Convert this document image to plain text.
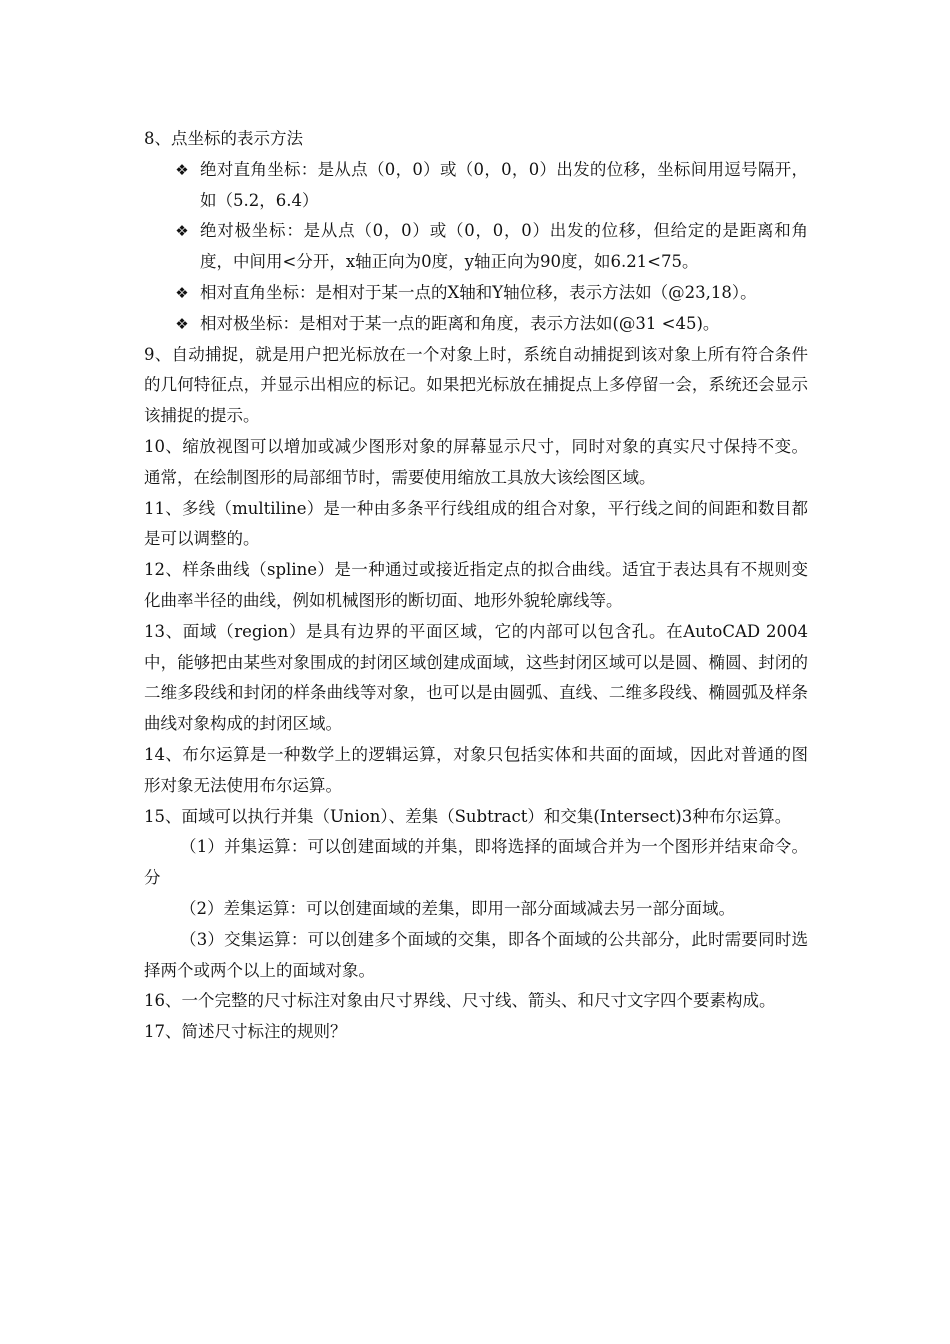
8、点坐标的表示方法
❖ 绝对直角坐标：是从点（0，0）或（0，0，0）出发的位移，坐标间用逗号隔开，如（5.2，6.4）
❖ 绝对极坐标：是从点（0，0）或（0，0，0）出发的位移，但给定的是距离和角度，中间用<分开，x轴正向为0度，y轴正向为90度，如6.21<75。
❖ 相对直角坐标：是相对于某一点的X轴和Y轴位移，表示方法如（@23,18）。
❖ 相对极坐标：是相对于某一点的距离和角度，表示方法如(@31 <45)。
9、自动捕捉，就是用户把光标放在一个对象上时，系统自动捕捉到该对象上所有符合条件的几何特征点，并显示出相应的标记。如果把光标放在捕捉点上多停留一会，系统还会显示该捕捉的提示。
10、缩放视图可以增加或减少图形对象的屏幕显示尺寸，同时对象的真实尺寸保持不变。通常，在绘制图形的局部细节时，需要使用缩放工具放大该绘图区域。
11、多线（multiline）是一种由多条平行线组成的组合对象，平行线之间的间距和数目都是可以调整的。
12、样条曲线（spline）是一种通过或接近指定点的拟合曲线。适宜于表达具有不规则变化曲率半径的曲线，例如机械图形的断切面、地形外貌轮廓线等。
13、面域（region）是具有边界的平面区域，它的内部可以包含孔。在AutoCAD 2004中，能够把由某些对象围成的封闭区域创建成面域，这些封闭区域可以是圆、椭圆、封闭的二维多段线和封闭的样条曲线等对象，也可以是由圆弧、直线、二维多段线、椭圆弧及样条曲线对象构成的封闭区域。
14、布尔运算是一种数学上的逻辑运算，对象只包括实体和共面的面域，因此对普通的图形对象无法使用布尔运算。
15、面域可以执行并集（Union）、差集（Subtract）和交集(Intersect)3种布尔运算。
（1）并集运算：可以创建面域的并集，即将选择的面域合并为一个图形并结束命令。分
（2）差集运算：可以创建面域的差集，即用一部分面域减去另一部分面域。
（3）交集运算：可以创建多个面域的交集，即各个面域的公共部分，此时需要同时选择两个或两个以上的面域对象。
16、一个完整的尺寸标注对象由尺寸界线、尺寸线、箭头、和尺寸文字四个要素构成。
17、简述尺寸标注的规则？
